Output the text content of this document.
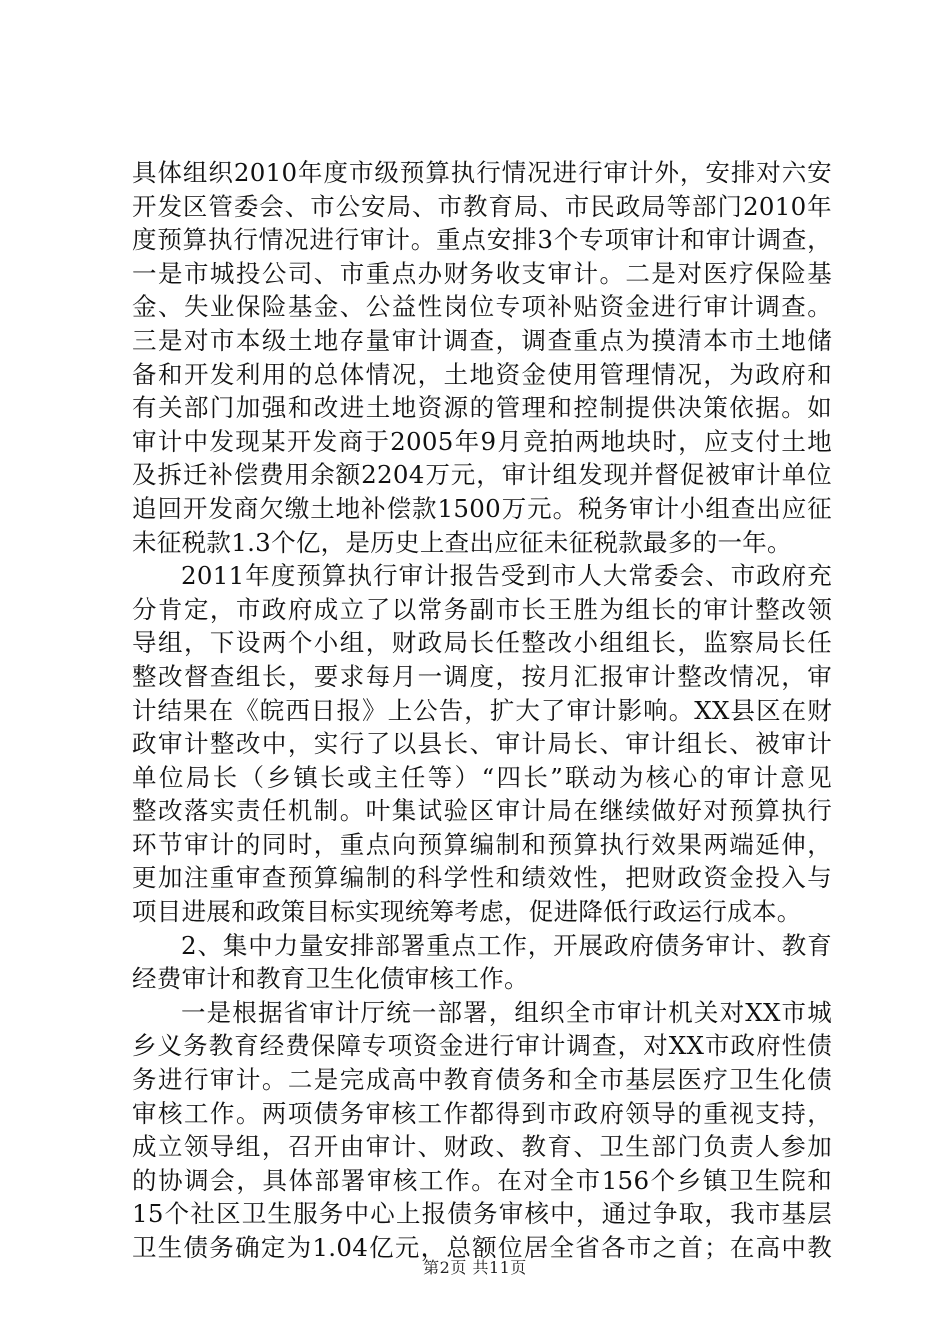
具体组织2010年度市级预算执行情况进行审计外，安排对六安
开发区管委会、市公安局、市教育局、市民政局等部门2010年
度预算执行情况进行审计。重点安排3个专项审计和审计调查，
一是市城投公司、市重点办财务收支审计。二是对医疗保险基
金、失业保险基金、公益性岗位专项补贴资金进行审计调查。
三是对市本级土地存量审计调查，调查重点为摸清本市土地储
备和开发利用的总体情况，土地资金使用管理情况，为政府和
有关部门加强和改进土地资源的管理和控制提供决策依据。如
审计中发现某开发商于2005年9月竞拍两地块时，应支付土地
及拆迁补偿费用余额2204万元，审计组发现并督促被审计单位
追回开发商欠缴土地补偿款1500万元。税务审计小组查出应征
未征税款1.3个亿，是历史上查出应征未征税款最多的一年。
2011年度预算执行审计报告受到市人大常委会、市政府充
分肯定，市政府成立了以常务副市长王胜为组长的审计整改领
导组，下设两个小组，财政局长任整改小组组长，监察局长任
整改督查组长，要求每月一调度，按月汇报审计整改情况，审
计结果在《皖西日报》上公告，扩大了审计影响。XX县区在财
政审计整改中，实行了以县长、审计局长、审计组长、被审计
单位局长（乡镇长或主任等）“四长”联动为核心的审计意见
整改落实责任机制。叶集试验区审计局在继续做好对预算执行
环节审计的同时，重点向预算编制和预算执行效果两端延伸，
更加注重审查预算编制的科学性和绩效性，把财政资金投入与
项目进展和政策目标实现统筹考虑，促进降低行政运行成本。
2、集中力量安排部署重点工作，开展政府债务审计、教育
经费审计和教育卫生化债审核工作。
一是根据省审计厅统一部署，组织全市审计机关对XX市城
乡义务教育经费保障专项资金进行审计调查，对XX市政府性债
务进行审计。二是完成高中教育债务和全市基层医疗卫生化债
审核工作。两项债务审核工作都得到市政府领导的重视支持，
成立领导组，召开由审计、财政、教育、卫生部门负责人参加
的协调会，具体部署审核工作。在对全市156个乡镇卫生院和
15个社区卫生服务中心上报债务审核中，通过争取，我市基层
卫生债务确定为1.04亿元，总额位居全省各市之首；在高中教
第2页 共11页
